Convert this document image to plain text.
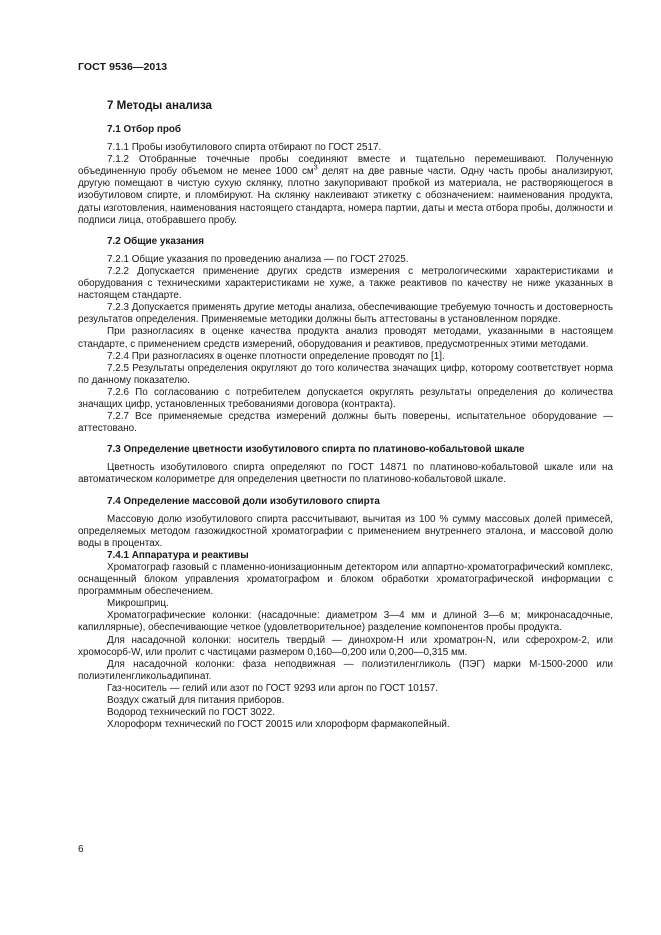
ГОСТ 9536—2013

7 Методы анализа

7.1 Отбор проб

7.1.1 Пробы изобутилового спирта отбирают по ГОСТ 2517.

7.1.2 Отобранные точечные пробы соединяют вместе и тщательно перемешивают. Полученную объединенную пробу объемом не менее 1000 $см^3$ делят на две равные части. Одну часть пробы анализируют, другую помещают в чистую сухую склянку, плотно закупоривают пробкой из материала, не растворяющегося в изобутиловом спирте, и пломбируют. На склянку наклеивают этикетку с обозначением: наименования продукта, даты изготовления, наименования настоящего стандарта, номера партии, даты и места отбора пробы, должности и подписи лица, отобравшего пробу.

7.2 Общие указания

7.2.1 Общие указания по проведению анализа — по ГОСТ 27025.

7.2.2 Допускается применение других средств измерения с метрологическими характеристиками и оборудования с техническими характеристиками не хуже, а также реактивов по качеству не ниже указанных в настоящем стандарте.

7.2.3 Допускается применять другие методы анализа, обеспечивающие требуемую точность и достоверность результатов определения. Применяемые методики должны быть аттестованы в установленном порядке.

При разногласиях в оценке качества продукта анализ проводят методами, указанными в настоящем стандарте, с применением средств измерений, оборудования и реактивов, предусмотренных этими методами.

7.2.4 При разногласиях в оценке плотности определение проводят по [1].

7.2.5 Результаты определения округляют до того количества значащих цифр, которому соответствует норма по данному показателю.

7.2.6 По согласованию с потребителем допускается округлять результаты определения до количества значащих цифр, установленных требованиями договора (контракта).

7.2.7 Все применяемые средства измерений должны быть поверены, испытательное оборудование — аттестовано.

7.3 Определение цветности изобутилового спирта по платиново-кобальтовой шкале

Цветность изобутилового спирта определяют по ГОСТ 14871 по платиново-кобальтовой шкале или на автоматическом колориметре для определения цветности по платиново-кобальтовой шкале.

7.4 Определение массовой доли изобутилового спирта

Массовую долю изобутилового спирта рассчитывают, вычитая из 100 % сумму массовых долей примесей, определяемых методом газожидкостной хроматографии с применением внутреннего эталона, и массовой долю воды в процентах.

7.4.1 Аппаратура и реактивы

Хроматограф газовый с пламенно-ионизационным детектором или аппартно-хроматографический комплекс, оснащенный блоком управления хроматографом и блоком обработки хроматографической информации с программным обеспечением.

Микрошприц.

Хроматографические колонки: (насадочные: диаметром 3—4 мм и длиной 3—6 м; микронасадочные, капиллярные), обеспечивающие четкое (удовлетворительное) разделение компонентов пробы продукта.

Для насадочной колонки: носитель твердый — динохром-Н или хроматрон-N, или сферохром-2, или хромосорб-W, или пролит с частицами размером 0,160—0,200 или 0,200—0,315 мм.

Для насадочной колонки: фаза неподвижная — полиэтиленгликоль (ПЭГ) марки М-1500-2000 или полиэтиленгликольадипинат.

Газ-носитель — гелий или азот по ГОСТ 9293 или аргон по ГОСТ 10157.

Воздух сжатый для питания приборов.

Водород технический по ГОСТ 3022.

Хлороформ технический по ГОСТ 20015 или хлороформ фармакопейный.

6
